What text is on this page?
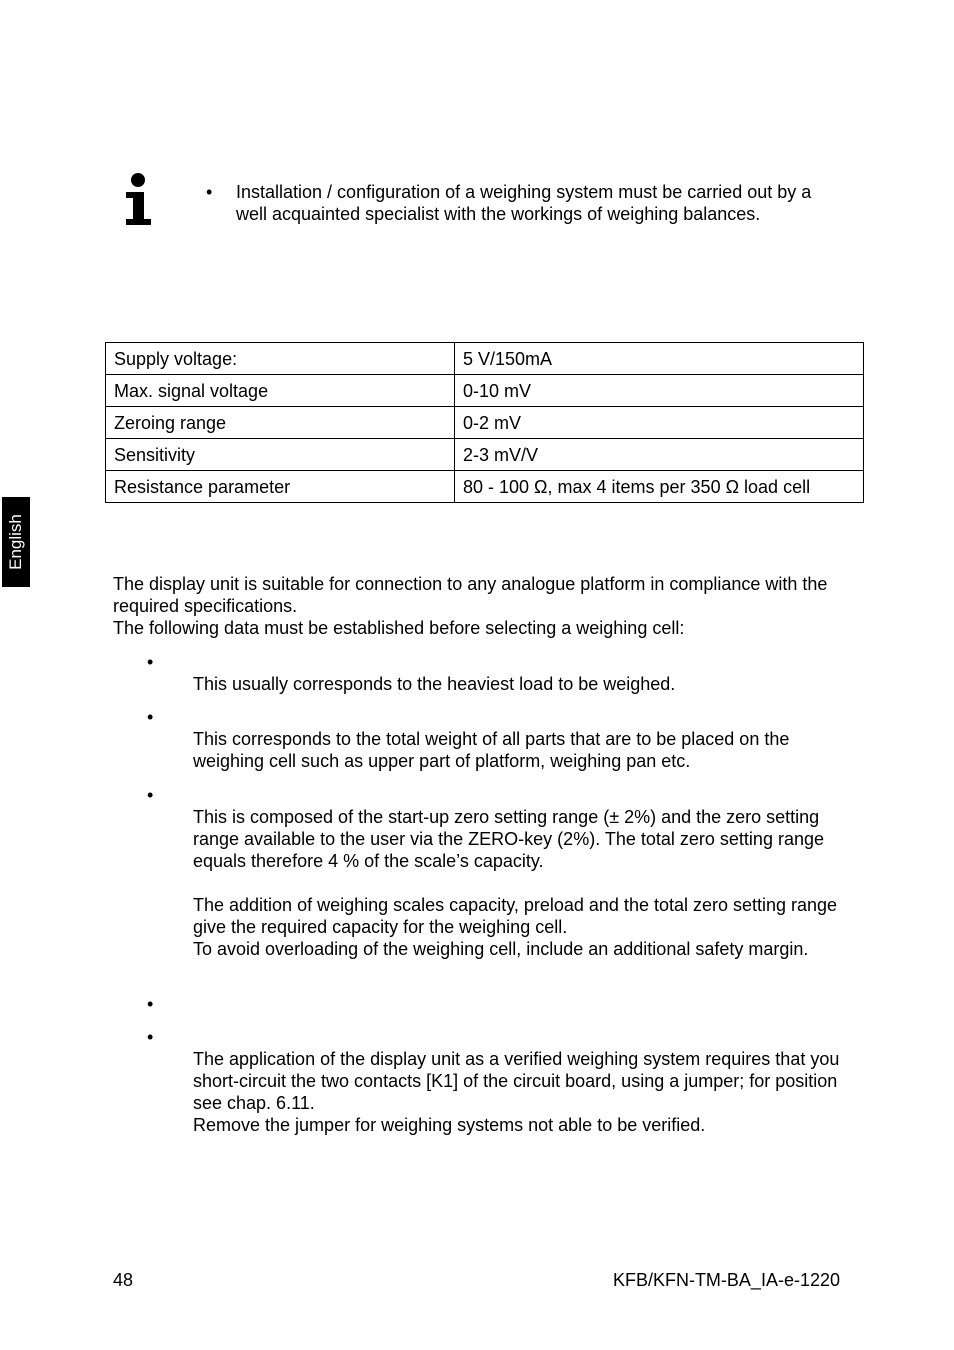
• Installation / configuration of a weighing system must be carried out by a well acquainted specialist with the workings of weighing balances.

Supply voltage:	5 V/150mA
Max. signal voltage	0-10 mV
Zeroing range	0-2 mV
Sensitivity	2-3 mV/V
Resistance parameter	80 - 100 Ω, max 4 items per 350 Ω load cell
English

The display unit is suitable for connection to any analogue platform in compliance with the required specifications.

The following data must be established before selecting a weighing cell:

•

This usually corresponds to the heaviest load to be weighed.

•

This corresponds to the total weight of all parts that are to be placed on the weighing cell such as upper part of platform, weighing pan etc.

•

This is composed of the start-up zero setting range (± 2%) and the zero setting range available to the user via the ZERO-key (2%). The total zero setting range equals therefore 4 % of the scale’s capacity.

The addition of weighing scales capacity, preload and the total zero setting range give the required capacity for the weighing cell.

To avoid overloading of the weighing cell, include an additional safety margin.

•
•

The application of the display unit as a verified weighing system requires that you short-circuit the two contacts [K1] of the circuit board, using a jumper; for position see chap. 6.11.

Remove the jumper for weighing systems not able to be verified.

48	KFB/KFN-TM-BA_IA-e-1220
